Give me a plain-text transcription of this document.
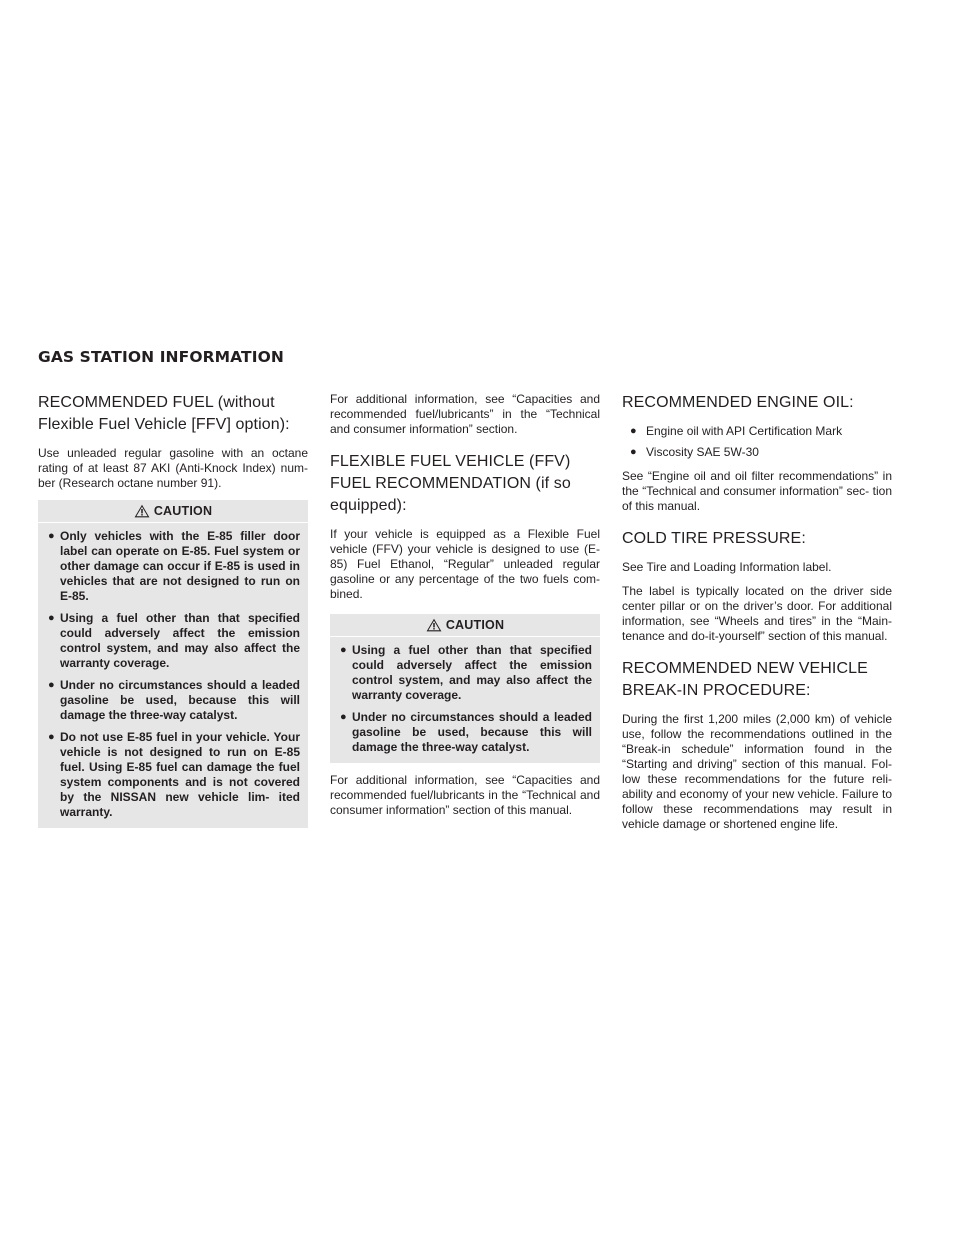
GAS STATION INFORMATION
RECOMMENDED FUEL (without Flexible Fuel Vehicle [FFV] option):

Use unleaded regular gasoline with an octane rating of at least 87 AKI (Anti-Knock Index) num- ber (Research octane number 91).

CAUTION
● Only vehicles with the E-85 filler door label can operate on E-85. Fuel system or other damage can occur if E-85 is used in vehicles that are not designed to run on E-85.
● Using a fuel other than that specified could adversely affect the emission control system, and may also affect the warranty coverage.
● Under no circumstances should a leaded gasoline be used, because this will damage the three-way catalyst.
● Do not use E-85 fuel in your vehicle. Your vehicle is not designed to run on E-85 fuel. Using E-85 fuel can damage the fuel system components and is not covered by the NISSAN new vehicle lim- ited warranty.

For additional information, see “Capacities and recommended fuel/lubricants” in the “Technical and consumer information” section.

FLEXIBLE FUEL VEHICLE (FFV) FUEL RECOMMENDATION (if so equipped):

If your vehicle is equipped as a Flexible Fuel vehicle (FFV) your vehicle is designed to use (E-85) Fuel Ethanol, “Regular” unleaded regular gasoline or any percentage of the two fuels com- bined.

CAUTION
● Using a fuel other than that specified could adversely affect the emission control system, and may also affect the warranty coverage.
● Under no circumstances should a leaded gasoline be used, because this will damage the three-way catalyst.

For additional information, see “Capacities and recommended fuel/lubricants in the “Technical and consumer information” section of this manual.

RECOMMENDED ENGINE OIL:
● Engine oil with API Certification Mark
● Viscosity SAE 5W-30

See “Engine oil and oil filter recommendations” in the “Technical and consumer information” sec- tion of this manual.

COLD TIRE PRESSURE:

See Tire and Loading Information label.

The label is typically located on the driver side center pillar or on the driver’s door. For additional information, see “Wheels and tires” in the “Main- tenance and do-it-yourself” section of this manual.

RECOMMENDED NEW VEHICLE BREAK-IN PROCEDURE:

During the first 1,200 miles (2,000 km) of vehicle use, follow the recommendations outlined in the “Break-in schedule” information found in the “Starting and driving” section of this manual. Fol- low these recommendations for the future reli- ability and economy of your new vehicle. Failure to follow these recommendations may result in vehicle damage or shortened engine life.
